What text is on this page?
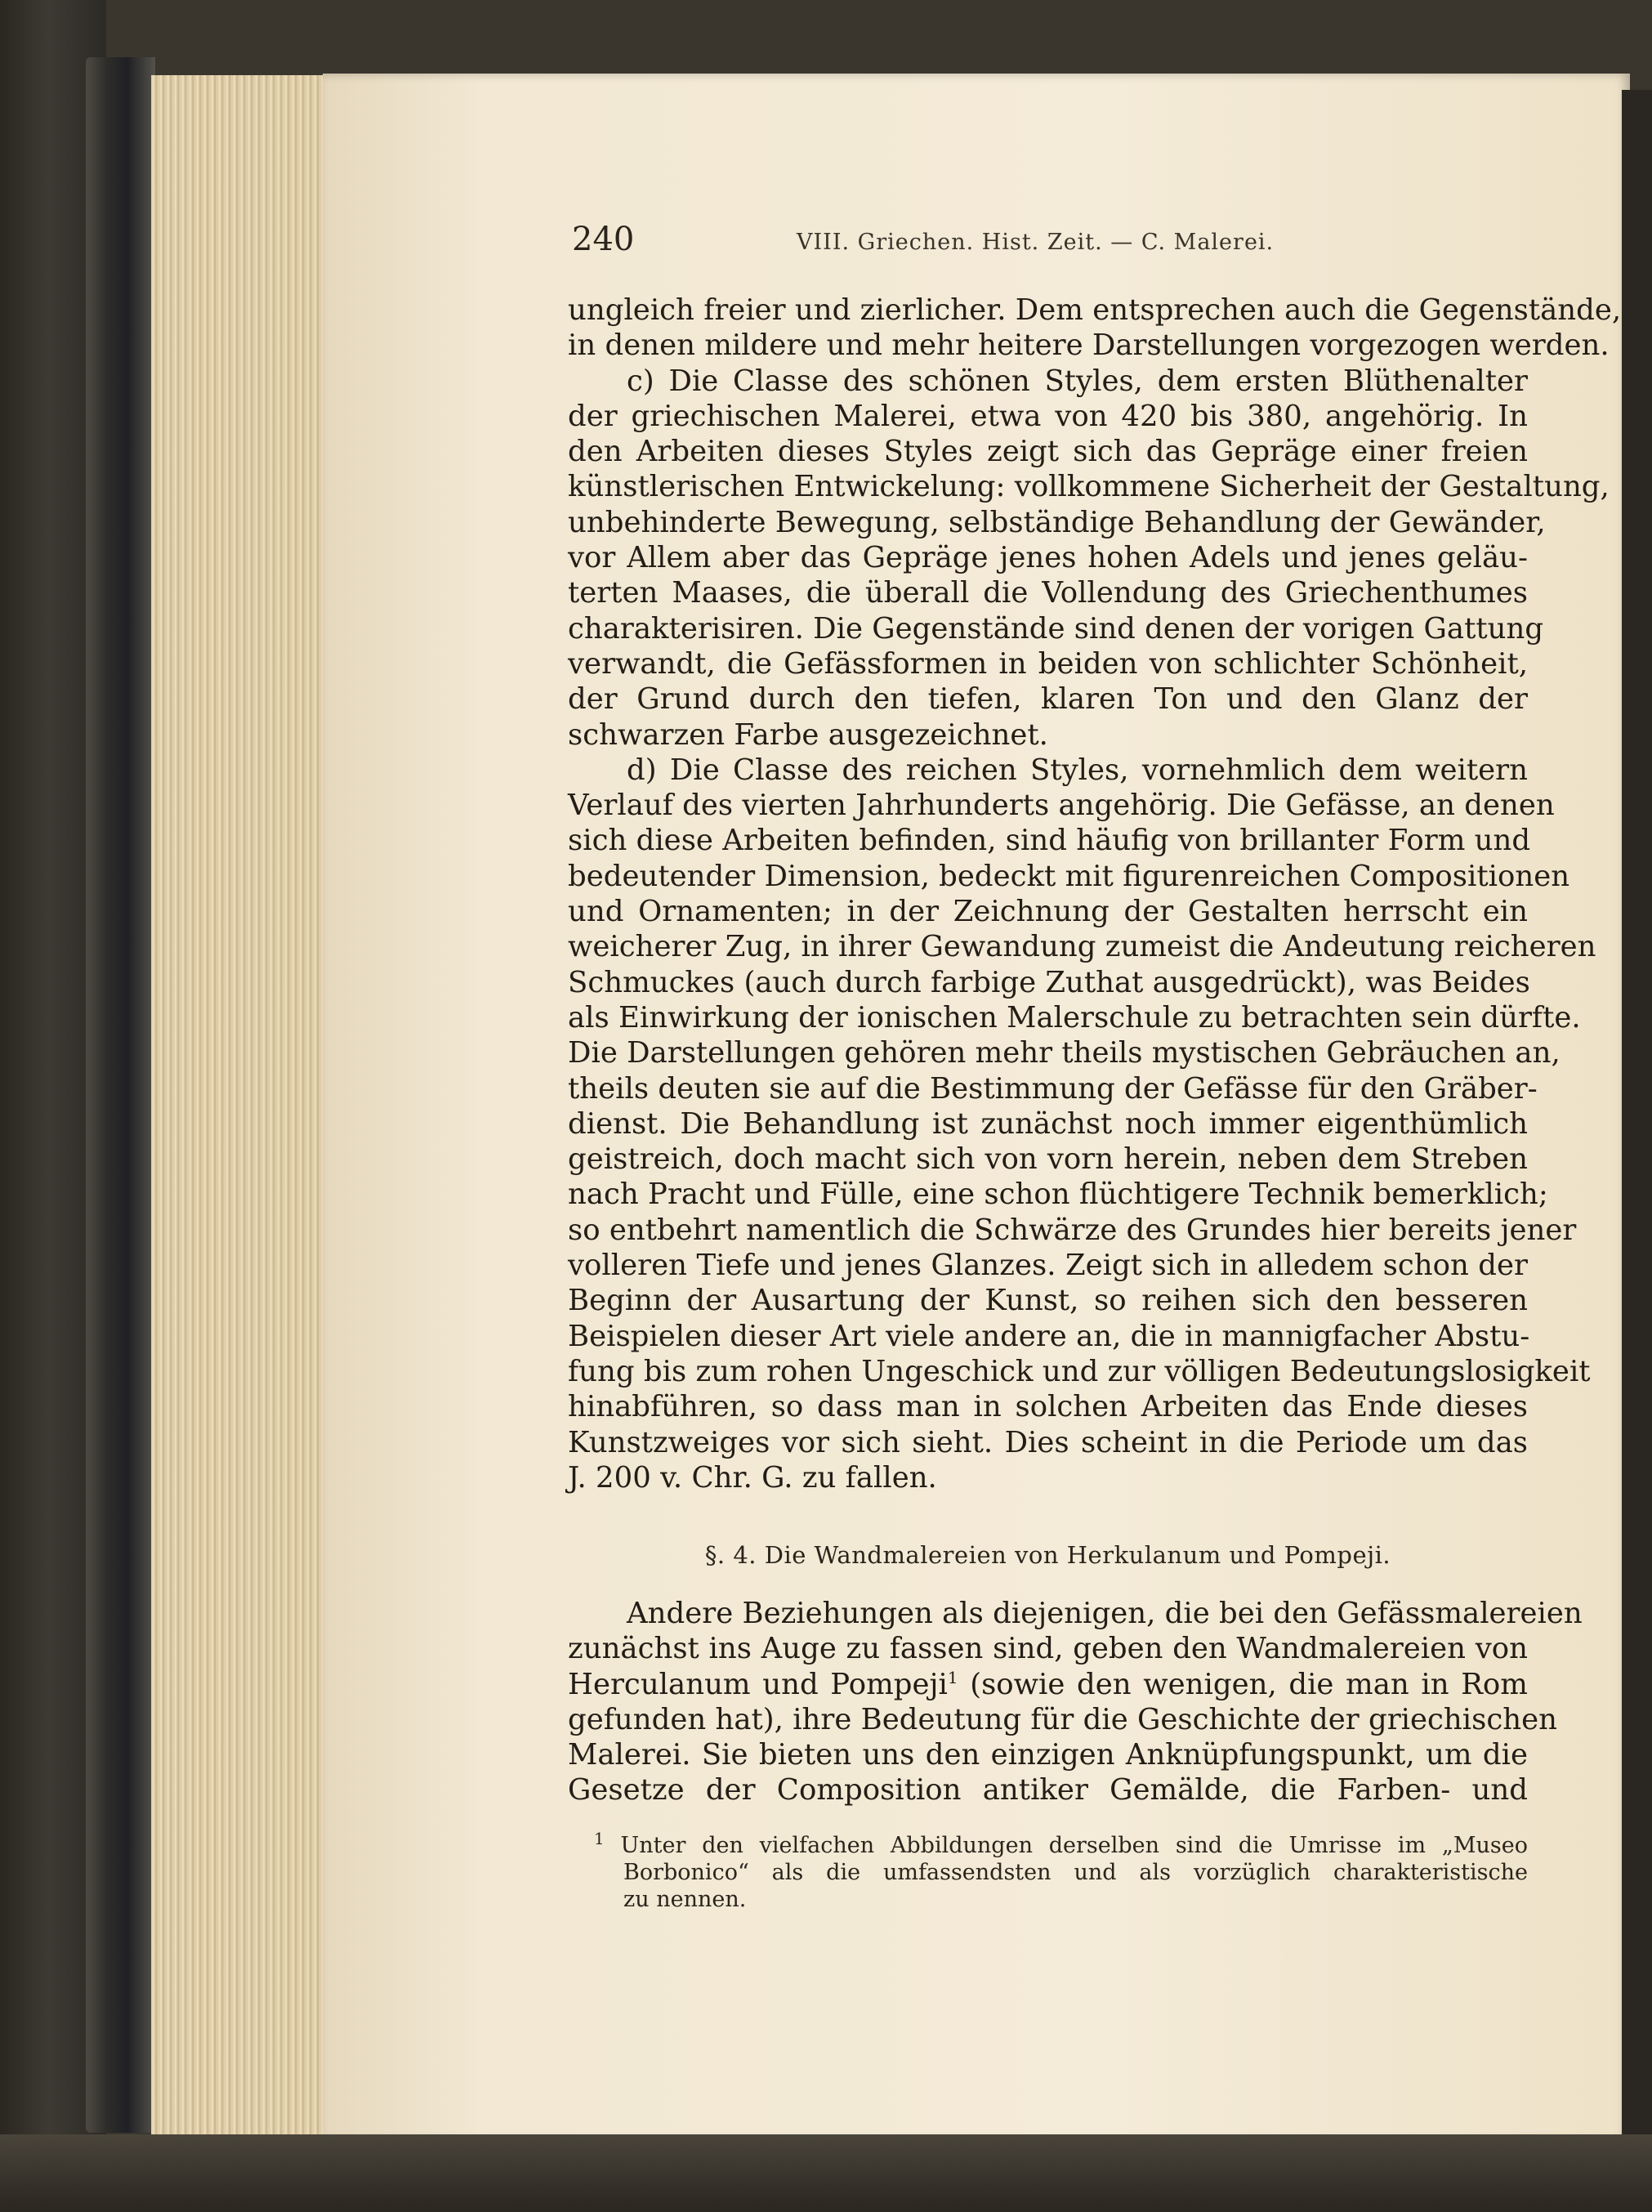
240	VIII. Griechen. Hist. Zeit. — C. Malerei.
ungleich freier und zierlicher. Dem entsprechen auch die Gegenstände,
in denen mildere und mehr heitere Darstellungen vorgezogen werden.
c) Die Classe des schönen Styles, dem ersten Blüthenalter
der griechischen Malerei, etwa von 420 bis 380, angehörig. In
den Arbeiten dieses Styles zeigt sich das Gepräge einer freien
künstlerischen Entwickelung: vollkommene Sicherheit der Gestaltung,
unbehinderte Bewegung, selbständige Behandlung der Gewänder,
vor Allem aber das Gepräge jenes hohen Adels und jenes geläu-
terten Maases, die überall die Vollendung des Griechenthumes
charakterisiren. Die Gegenstände sind denen der vorigen Gattung
verwandt, die Gefässformen in beiden von schlichter Schönheit,
der Grund durch den tiefen, klaren Ton und den Glanz der
schwarzen Farbe ausgezeichnet.
d) Die Classe des reichen Styles, vornehmlich dem weitern
Verlauf des vierten Jahrhunderts angehörig. Die Gefässe, an denen
sich diese Arbeiten befinden, sind häufig von brillanter Form und
bedeutender Dimension, bedeckt mit figurenreichen Compositionen
und Ornamenten; in der Zeichnung der Gestalten herrscht ein
weicherer Zug, in ihrer Gewandung zumeist die Andeutung reicheren
Schmuckes (auch durch farbige Zuthat ausgedrückt), was Beides
als Einwirkung der ionischen Malerschule zu betrachten sein dürfte.
Die Darstellungen gehören mehr theils mystischen Gebräuchen an,
theils deuten sie auf die Bestimmung der Gefässe für den Gräber-
dienst. Die Behandlung ist zunächst noch immer eigenthümlich
geistreich, doch macht sich von vorn herein, neben dem Streben
nach Pracht und Fülle, eine schon flüchtigere Technik bemerklich;
so entbehrt namentlich die Schwärze des Grundes hier bereits jener
volleren Tiefe und jenes Glanzes. Zeigt sich in alledem schon der
Beginn der Ausartung der Kunst, so reihen sich den besseren
Beispielen dieser Art viele andere an, die in mannigfacher Abstu-
fung bis zum rohen Ungeschick und zur völligen Bedeutungslosigkeit
hinabführen, so dass man in solchen Arbeiten das Ende dieses
Kunstzweiges vor sich sieht. Dies scheint in die Periode um das
J. 200 v. Chr. G. zu fallen.
§. 4. Die Wandmalereien von Herkulanum und Pompeji.
Andere Beziehungen als diejenigen, die bei den Gefässmalereien
zunächst ins Auge zu fassen sind, geben den Wandmalereien von
Herculanum und Pompeji$^1$ (sowie den wenigen, die man in Rom
gefunden hat), ihre Bedeutung für die Geschichte der griechischen
Malerei. Sie bieten uns den einzigen Anknüpfungspunkt, um die
Gesetze der Composition antiker Gemälde, die Farben- und
$^1$ Unter den vielfachen Abbildungen derselben sind die Umrisse im „Museo
Borbonico“ als die umfassendsten und als vorzüglich charakteristische
zu nennen.
